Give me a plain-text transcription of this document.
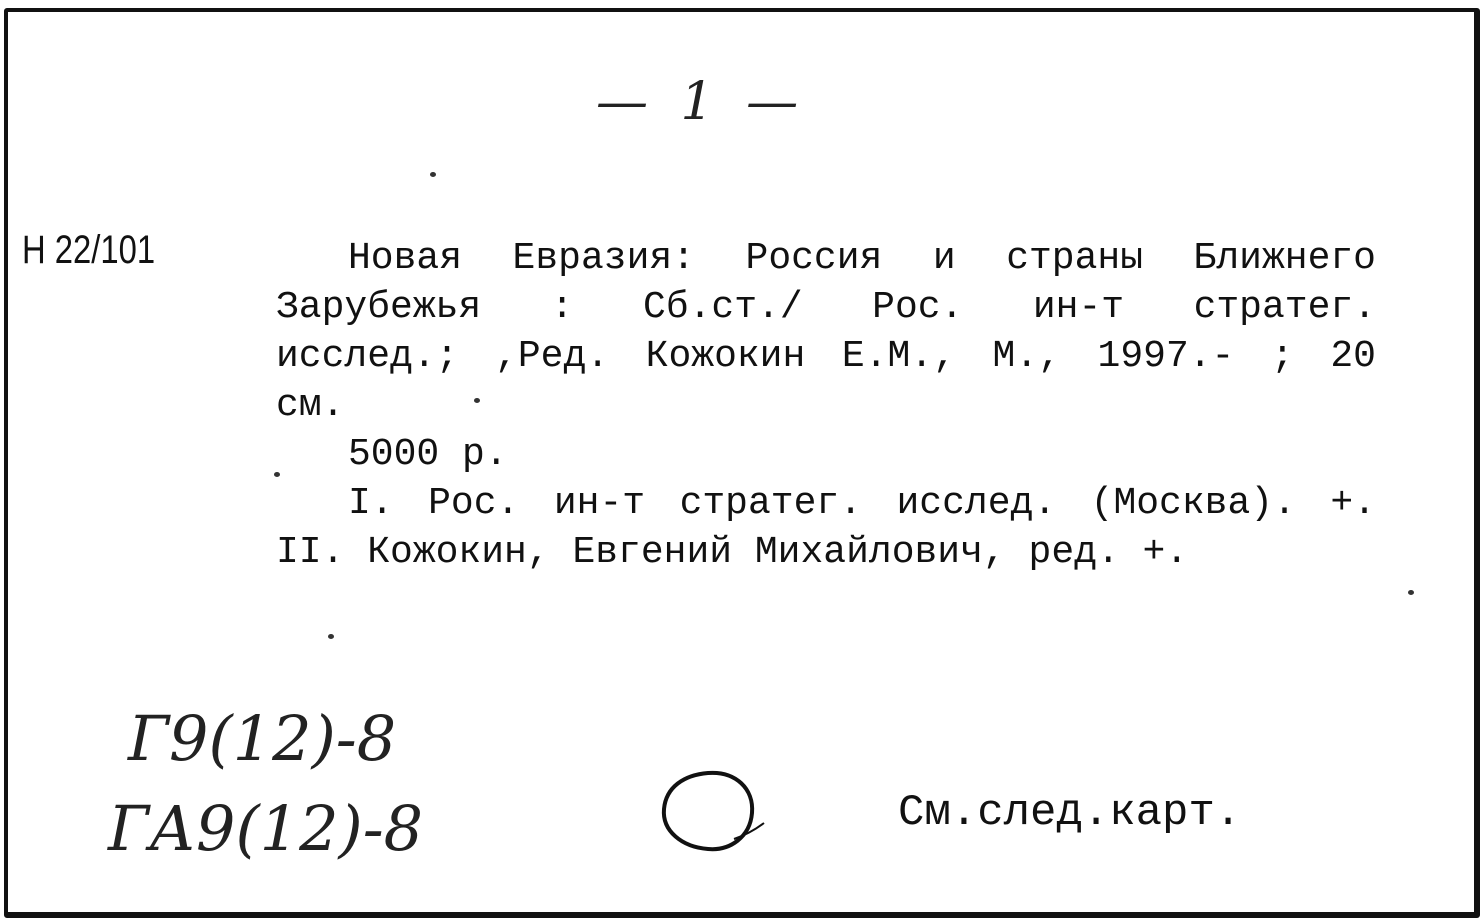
— 1 —
Н 22/101	Новая Евразия: Россия и страны Ближнего

Зарубежья : Сб.ст./ Рос. ин-т стратег.

исслед.; ,Ред. Кожокин Е.М., М., 1997.- ; 20

см.

5000 р.

I. Рос. ин-т стратег. исслед. (Москва). +.

II. Кожокин, Евгений Михайлович, ред. +.

Г9(12)-8
ГА9(12)-8	См.след.карт.
